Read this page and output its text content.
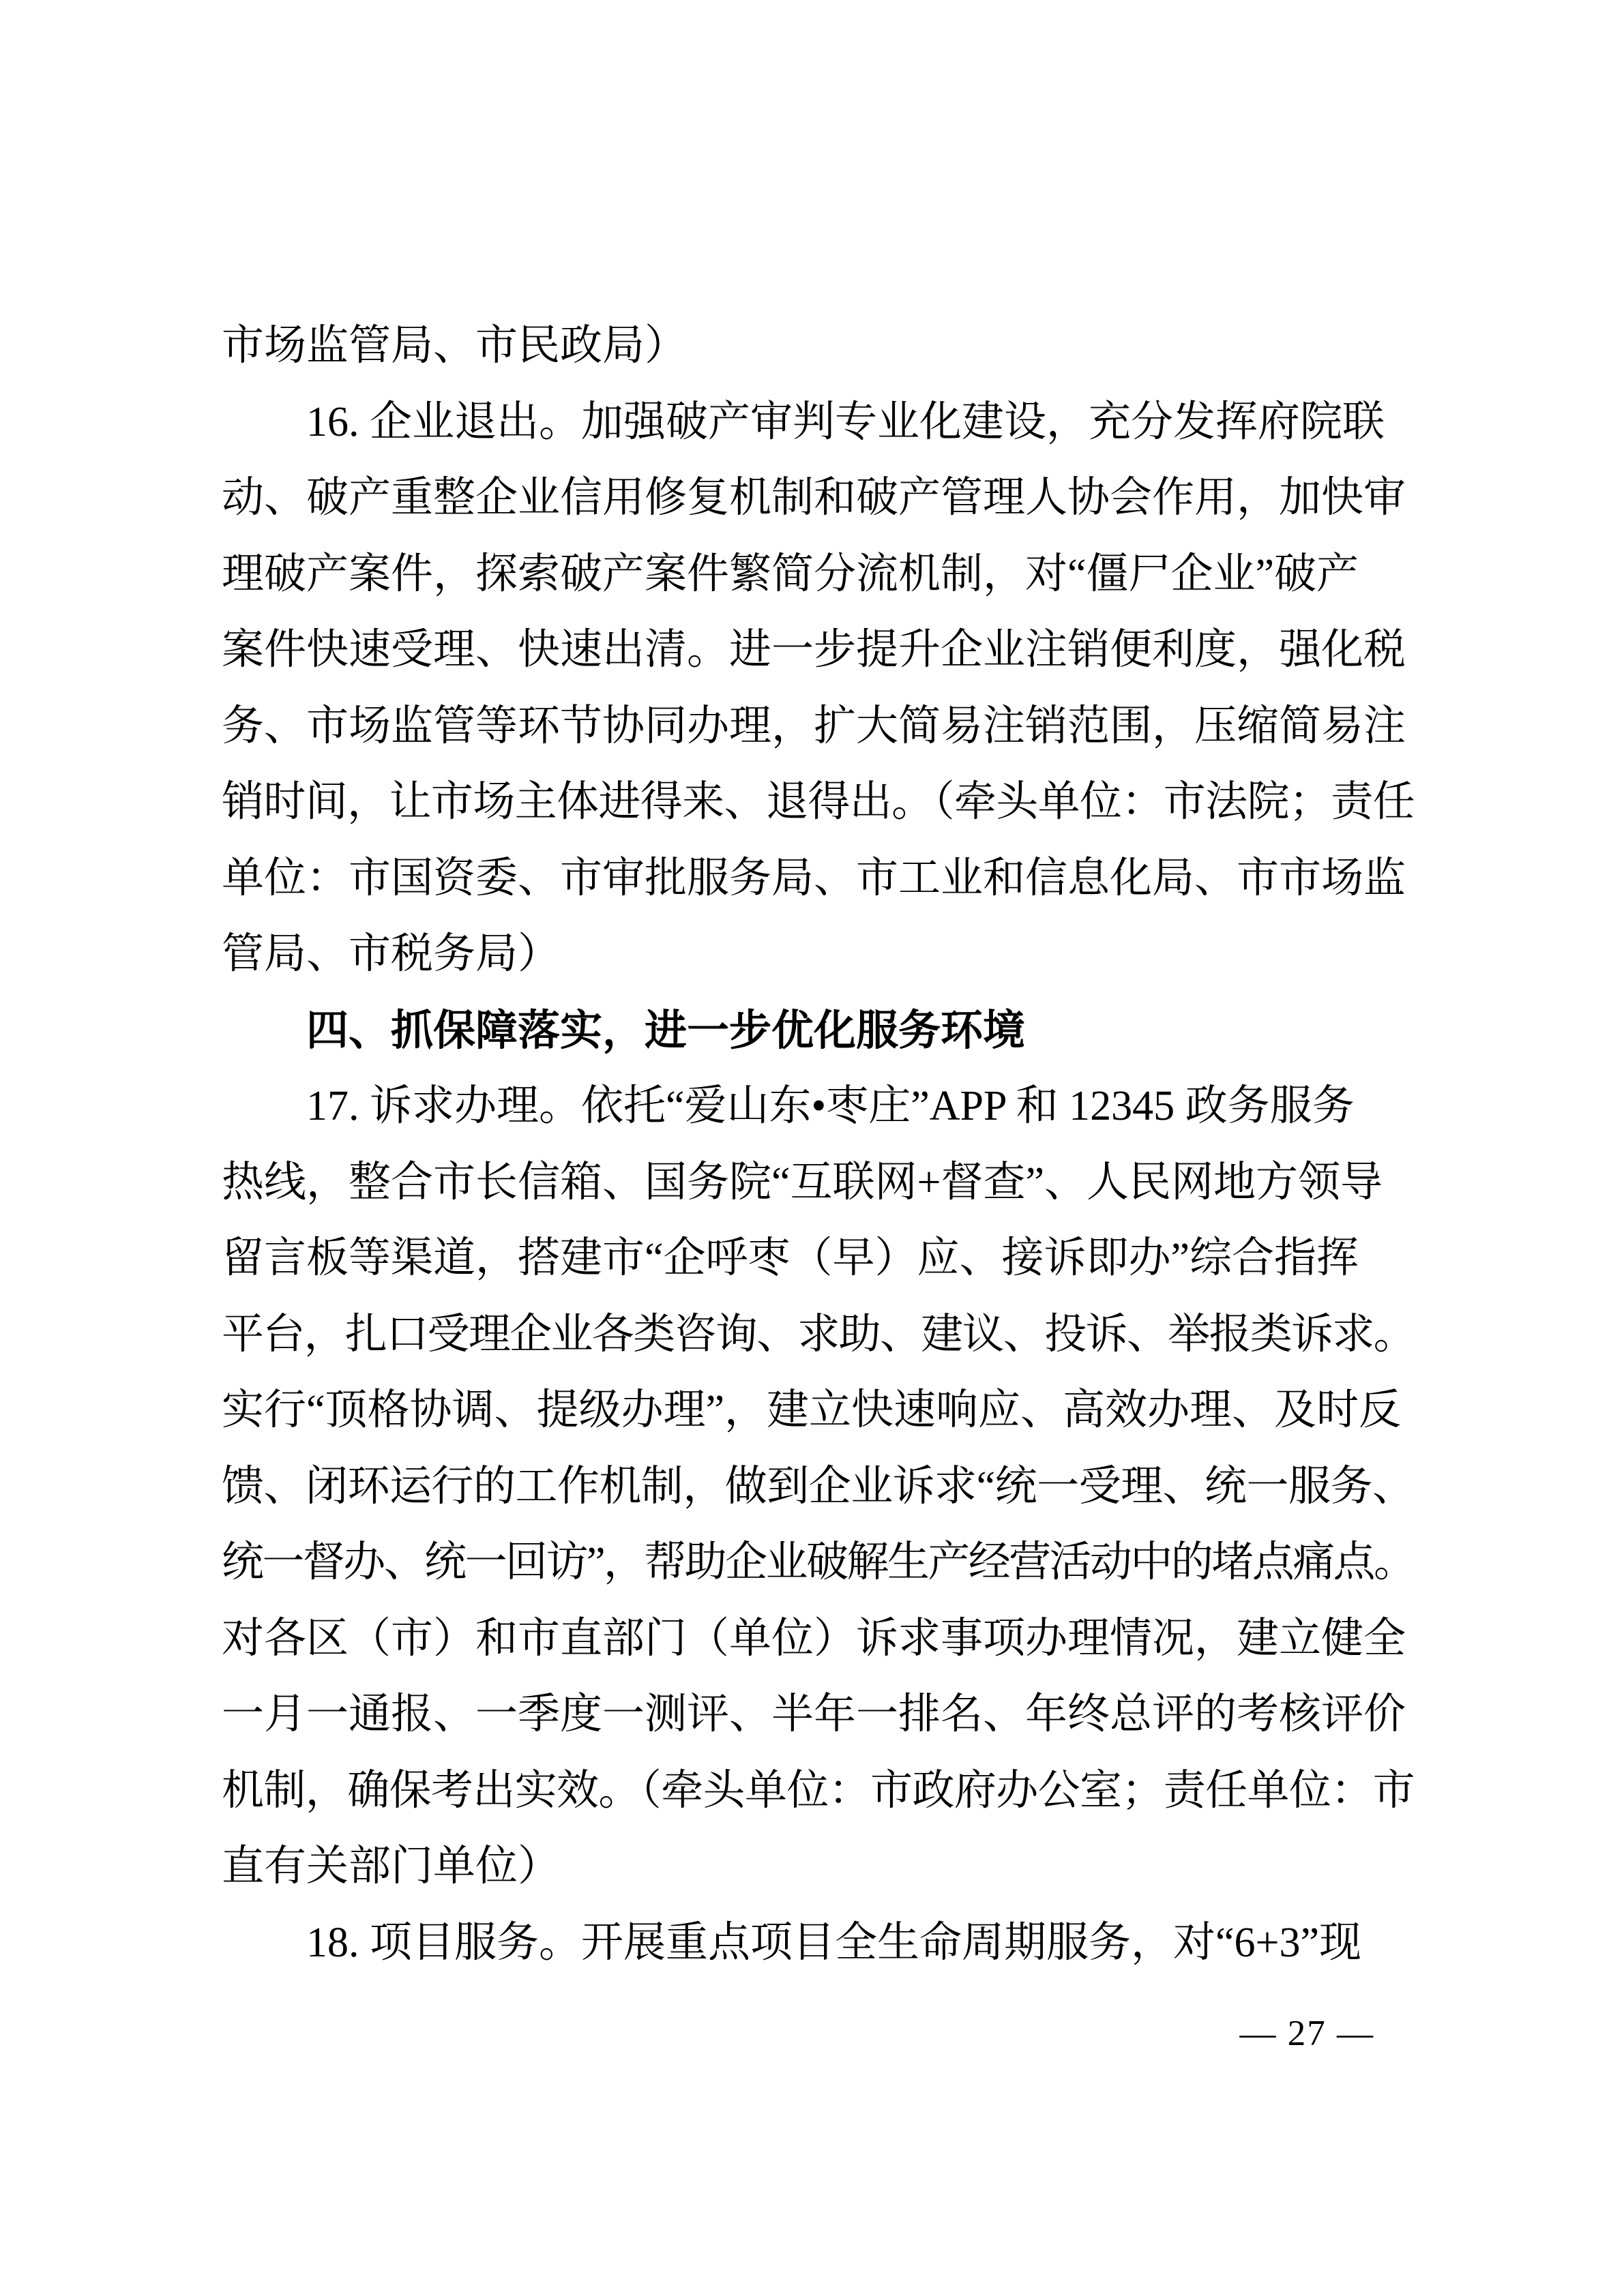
市场监管局、市民政局）
16. 企业退出。加强破产审判专业化建设，充分发挥府院联
动、破产重整企业信用修复机制和破产管理人协会作用，加快审
理破产案件，探索破产案件繁简分流机制，对“僵尸企业”破产
案件快速受理、快速出清。进一步提升企业注销便利度，强化税
务、市场监管等环节协同办理，扩大简易注销范围，压缩简易注
销时间，让市场主体进得来、退得出。（牵头单位：市法院；责任
单位：市国资委、市审批服务局、市工业和信息化局、市市场监
管局、市税务局）
四、抓保障落实，进一步优化服务环境
17. 诉求办理。依托“爱山东•枣庄”APP 和 12345 政务服务
热线，整合市长信箱、国务院“互联网+督查”、人民网地方领导
留言板等渠道，搭建市“企呼枣（早）应、接诉即办”综合指挥
平台，扎口受理企业各类咨询、求助、建议、投诉、举报类诉求。
实行“顶格协调、提级办理”，建立快速响应、高效办理、及时反
馈、闭环运行的工作机制，做到企业诉求“统一受理、统一服务、
统一督办、统一回访”，帮助企业破解生产经营活动中的堵点痛点。
对各区（市）和市直部门（单位）诉求事项办理情况，建立健全
一月一通报、一季度一测评、半年一排名、年终总评的考核评价
机制，确保考出实效。（牵头单位：市政府办公室；责任单位：市
直有关部门单位）
18. 项目服务。开展重点项目全生命周期服务，对“6+3”现
— 27 —
